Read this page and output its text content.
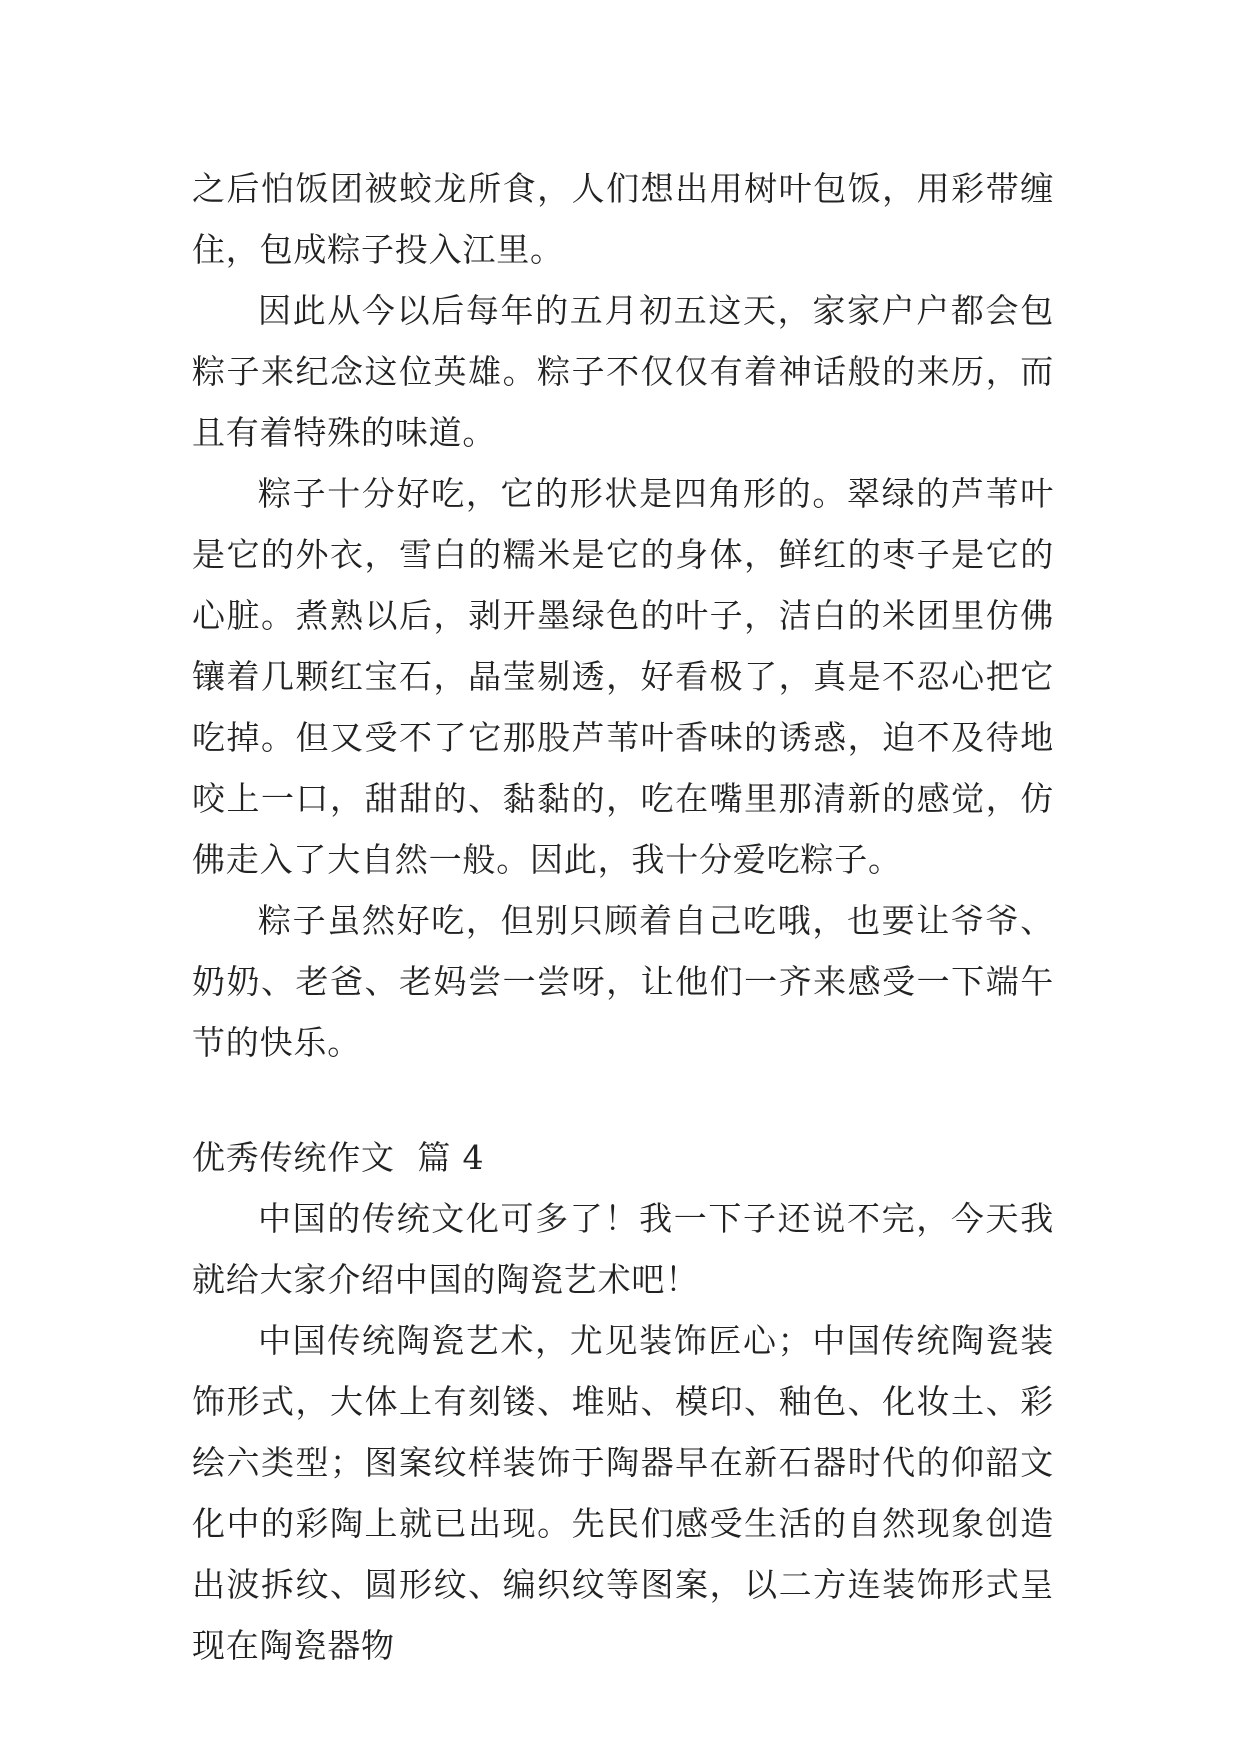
之后怕饭团被蛟龙所食，人们想出用树叶包饭，用彩带缠住，包成粽子投入江里。

因此从今以后每年的五月初五这天，家家户户都会包粽子来纪念这位英雄。粽子不仅仅有着神话般的来历，而且有着特殊的味道。

粽子十分好吃，它的形状是四角形的。翠绿的芦苇叶是它的外衣，雪白的糯米是它的身体，鲜红的枣子是它的心脏。煮熟以后，剥开墨绿色的叶子，洁白的米团里仿佛镶着几颗红宝石，晶莹剔透，好看极了，真是不忍心把它吃掉。但又受不了它那股芦苇叶香味的诱惑，迫不及待地咬上一口，甜甜的、黏黏的，吃在嘴里那清新的感觉，仿佛走入了大自然一般。因此，我十分爱吃粽子。

粽子虽然好吃，但别只顾着自己吃哦，也要让爷爷、奶奶、老爸、老妈尝一尝呀，让他们一齐来感受一下端午节的快乐。

优秀传统作文  篇 4

中国的传统文化可多了！我一下子还说不完，今天我就给大家介绍中国的陶瓷艺术吧！

中国传统陶瓷艺术，尤见装饰匠心；中国传统陶瓷装饰形式，大体上有刻镂、堆贴、模印、釉色、化妆土、彩绘六类型；图案纹样装饰于陶器早在新石器时代的仰韶文化中的彩陶上就已出现。先民们感受生活的自然现象创造出波拆纹、圆形纹、编织纹等图案，以二方连装饰形式呈现在陶瓷器物
